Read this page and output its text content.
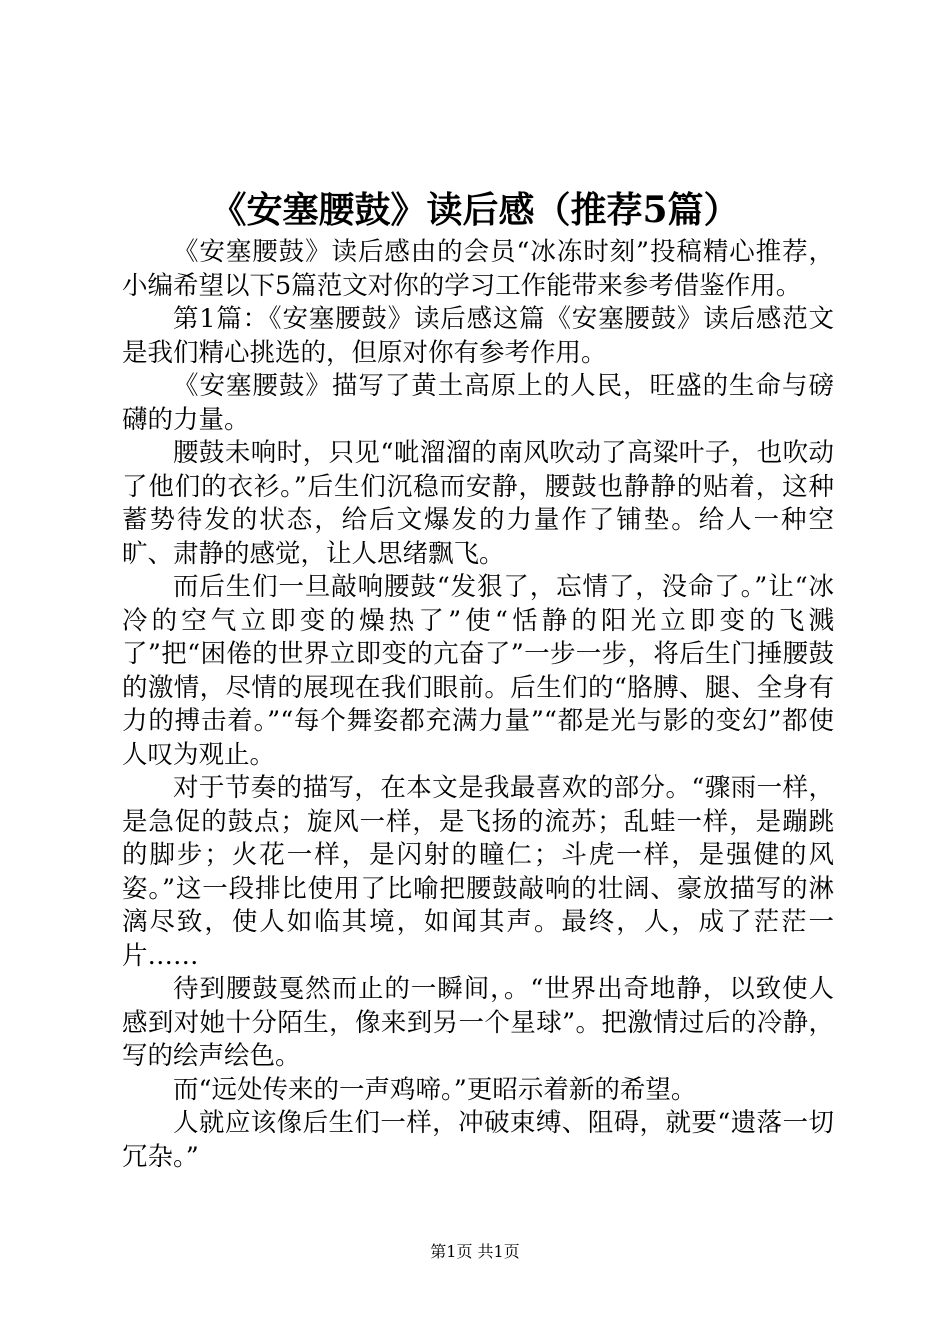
《安塞腰鼓》读后感（推荐5篇）

《安塞腰鼓》读后感由的会员“冰冻时刻”投稿精心推荐，小编希望以下5篇范文对你的学习工作能带来参考借鉴作用。

第1篇：《安塞腰鼓》读后感这篇《安塞腰鼓》读后感范文是我们精心挑选的，但原对你有参考作用。

《安塞腰鼓》描写了黄土高原上的人民，旺盛的生命与磅礴的力量。

腰鼓未响时，只见“呲溜溜的南风吹动了高粱叶子，也吹动了他们的衣衫。”后生们沉稳而安静，腰鼓也静静的贴着，这种蓄势待发的状态，给后文爆发的力量作了铺垫。给人一种空旷、肃静的感觉，让人思绪飘飞。

而后生们一旦敲响腰鼓“发狠了，忘情了，没命了。”让“冰冷的空气立即变的燥热了”使“恬静的阳光立即变的飞溅了”把“困倦的世界立即变的亢奋了”一步一步，将后生门捶腰鼓的激情，尽情的展现在我们眼前。后生们的“胳膊、腿、全身有力的搏击着。”“每个舞姿都充满力量”“都是光与影的变幻”都使人叹为观止。

对于节奏的描写，在本文是我最喜欢的部分。“骤雨一样，是急促的鼓点；旋风一样，是飞扬的流苏；乱蛙一样，是蹦跳的脚步；火花一样，是闪射的瞳仁；斗虎一样，是强健的风姿。”这一段排比使用了比喻把腰鼓敲响的壮阔、豪放描写的淋漓尽致，使人如临其境，如闻其声。最终，人，成了茫茫一片……

待到腰鼓戛然而止的一瞬间，。“世界出奇地静，以致使人感到对她十分陌生，像来到另一个星球”。把激情过后的冷静，写的绘声绘色。

而“远处传来的一声鸡啼。”更昭示着新的希望。

人就应该像后生们一样，冲破束缚、阻碍，就要“遗落一切冗杂。”

第1页 共1页
